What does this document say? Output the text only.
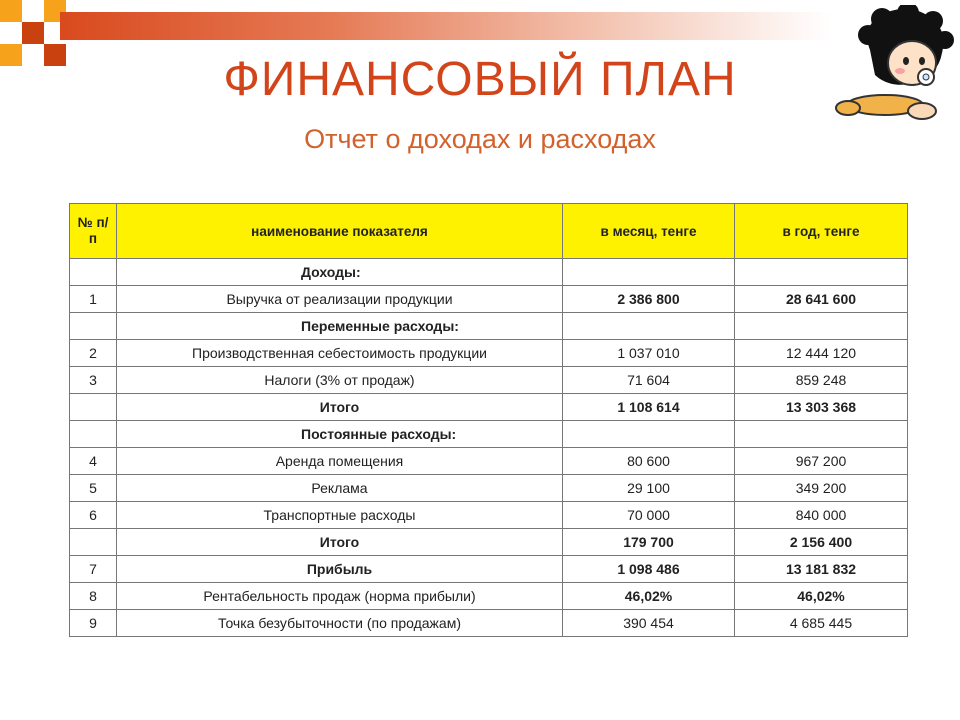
ФИНАНСОВЫЙ ПЛАН
Отчет о доходах и расходах
№ п/п	наименование показателя	в месяц, тенге	в год, тенге
	Доходы:		
1	Выручка от реализации продукции	2 386 800	28 641 600
	Переменные расходы:		
2	Производственная себестоимость продукции	1 037 010	12 444 120
3	Налоги (3% от продаж)	71 604	859 248
	Итого	1 108 614	13 303 368
	Постоянные расходы:		
4	Аренда помещения	80 600	967 200
5	Реклама	29 100	349 200
6	Транспортные расходы	70 000	840 000
	Итого	179 700	2 156 400
7	Прибыль	1 098 486	13 181 832
8	Рентабельность продаж (норма прибыли)	46,02%	46,02%
9	Точка безубыточности (по продажам)	390 454	4 685 445
